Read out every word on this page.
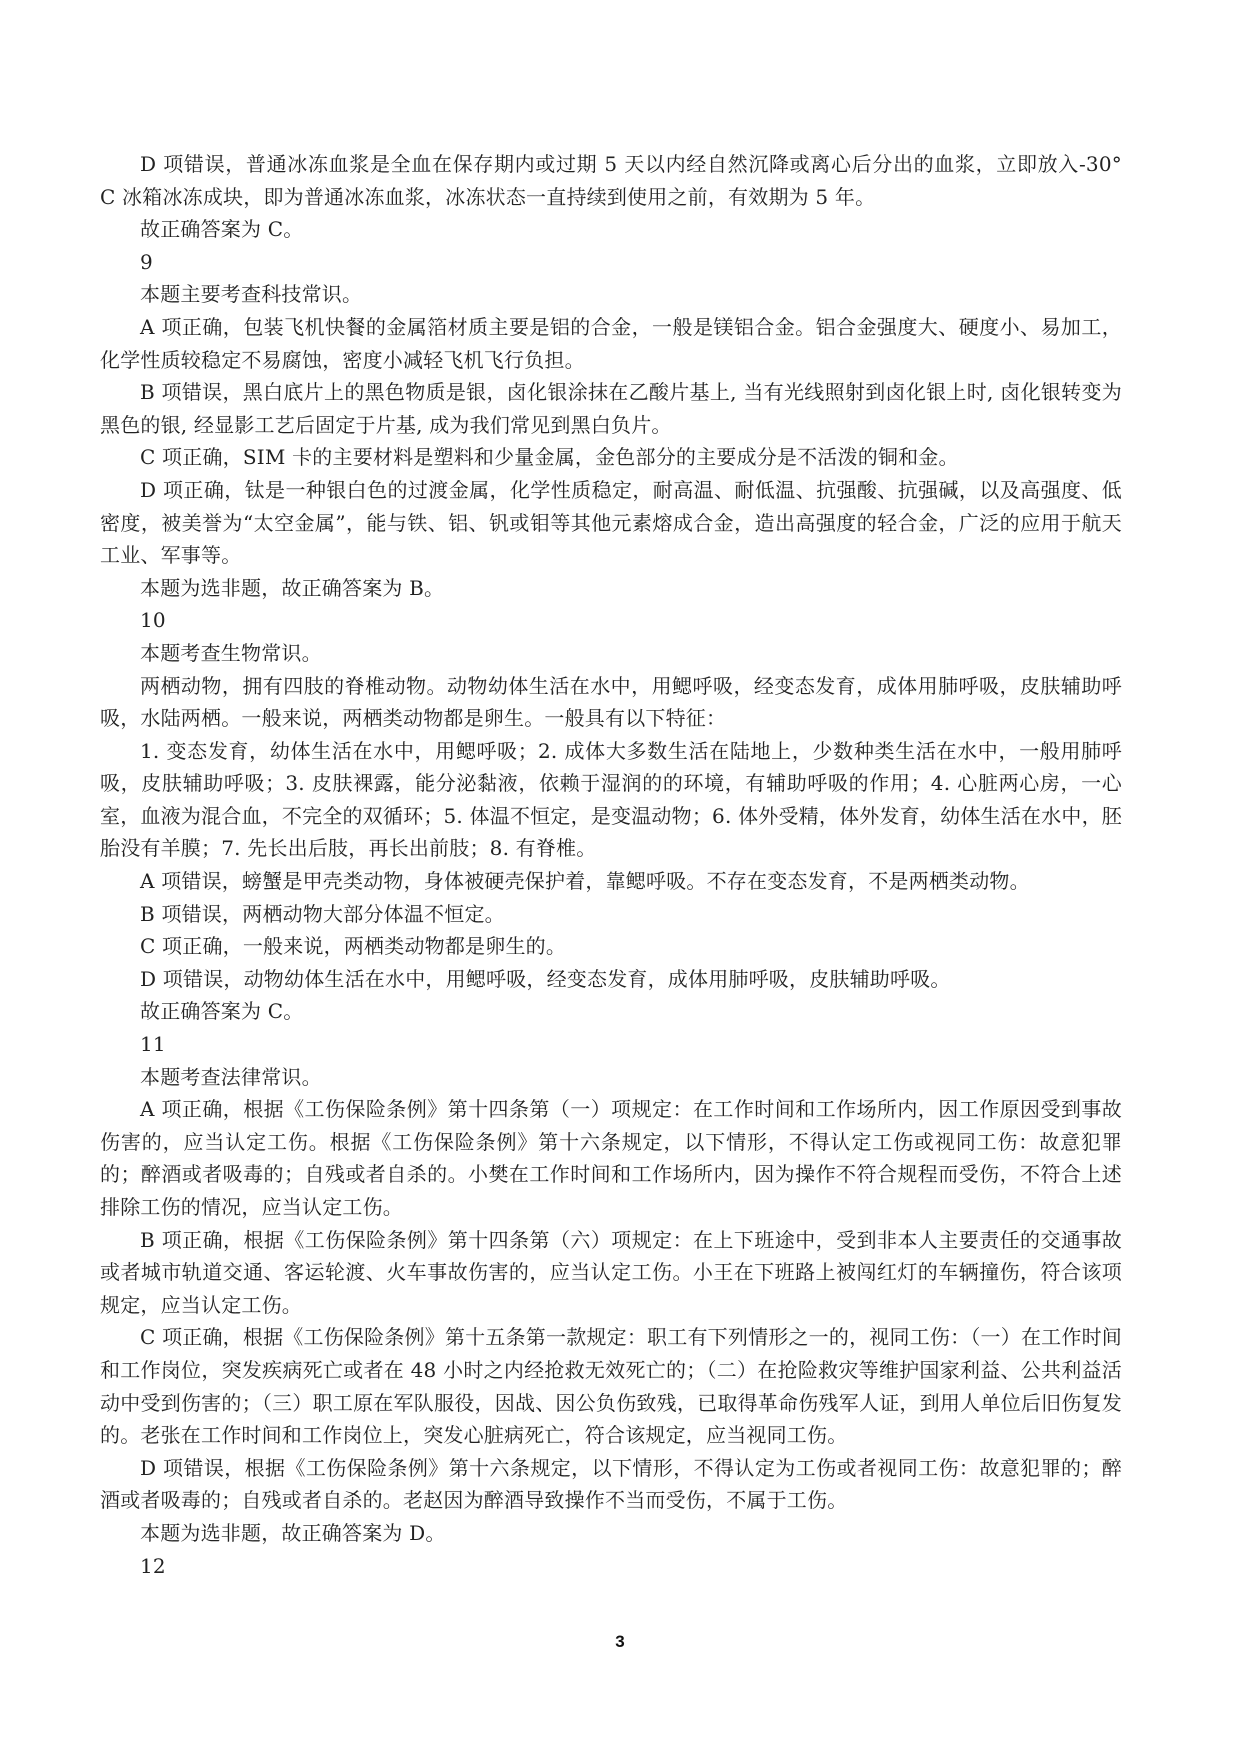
D 项错误，普通冰冻血浆是全血在保存期内或过期 5 天以内经自然沉降或离心后分出的血浆，立即放入-30° C 冰箱冰冻成块，即为普通冰冻血浆，冰冻状态一直持续到使用之前，有效期为 5 年。

故正确答案为 C。

9

本题主要考查科技常识。

A 项正确，包装飞机快餐的金属箔材质主要是铝的合金，一般是镁铝合金。铝合金强度大、硬度小、易加工，化学性质较稳定不易腐蚀，密度小减轻飞机飞行负担。

B 项错误，黑白底片上的黑色物质是银，卤化银涂抹在乙酸片基上, 当有光线照射到卤化银上时, 卤化银转变为黑色的银, 经显影工艺后固定于片基, 成为我们常见到黑白负片。

C 项正确，SIM 卡的主要材料是塑料和少量金属，金色部分的主要成分是不活泼的铜和金。

D 项正确，钛是一种银白色的过渡金属，化学性质稳定，耐高温、耐低温、抗强酸、抗强碱，以及高强度、低密度，被美誉为“太空金属”，能与铁、铝、钒或钼等其他元素熔成合金，造出高强度的轻合金，广泛的应用于航天工业、军事等。

本题为选非题，故正确答案为 B。

10

本题考查生物常识。

两栖动物，拥有四肢的脊椎动物。动物幼体生活在水中，用鳃呼吸，经变态发育，成体用肺呼吸，皮肤辅助呼吸，水陆两栖。一般来说，两栖类动物都是卵生。一般具有以下特征：

1. 变态发育，幼体生活在水中，用鳃呼吸；2. 成体大多数生活在陆地上，少数种类生活在水中，一般用肺呼吸，皮肤辅助呼吸；3. 皮肤裸露，能分泌黏液，依赖于湿润的的环境，有辅助呼吸的作用；4. 心脏两心房，一心室，血液为混合血，不完全的双循环；5. 体温不恒定，是变温动物；6. 体外受精，体外发育，幼体生活在水中，胚胎没有羊膜；7. 先长出后肢，再长出前肢；8. 有脊椎。

A 项错误，螃蟹是甲壳类动物，身体被硬壳保护着，靠鳃呼吸。不存在变态发育，不是两栖类动物。

B 项错误，两栖动物大部分体温不恒定。

C 项正确，一般来说，两栖类动物都是卵生的。

D 项错误，动物幼体生活在水中，用鳃呼吸，经变态发育，成体用肺呼吸，皮肤辅助呼吸。

故正确答案为 C。

11

本题考查法律常识。

A 项正确，根据《工伤保险条例》第十四条第（一）项规定：在工作时间和工作场所内，因工作原因受到事故伤害的，应当认定工伤。根据《工伤保险条例》第十六条规定，以下情形，不得认定工伤或视同工伤：故意犯罪的；醉酒或者吸毒的；自残或者自杀的。小樊在工作时间和工作场所内，因为操作不符合规程而受伤，不符合上述排除工伤的情况，应当认定工伤。

B 项正确，根据《工伤保险条例》第十四条第（六）项规定：在上下班途中，受到非本人主要责任的交通事故或者城市轨道交通、客运轮渡、火车事故伤害的，应当认定工伤。小王在下班路上被闯红灯的车辆撞伤，符合该项规定，应当认定工伤。

C 项正确，根据《工伤保险条例》第十五条第一款规定：职工有下列情形之一的，视同工伤：（一）在工作时间和工作岗位，突发疾病死亡或者在 48 小时之内经抢救无效死亡的；（二）在抢险救灾等维护国家利益、公共利益活动中受到伤害的；（三）职工原在军队服役，因战、因公负伤致残，已取得革命伤残军人证，到用人单位后旧伤复发的。老张在工作时间和工作岗位上，突发心脏病死亡，符合该规定，应当视同工伤。

D 项错误，根据《工伤保险条例》第十六条规定，以下情形，不得认定为工伤或者视同工伤：故意犯罪的；醉酒或者吸毒的；自残或者自杀的。老赵因为醉酒导致操作不当而受伤，不属于工伤。

本题为选非题，故正确答案为 D。

12

3
